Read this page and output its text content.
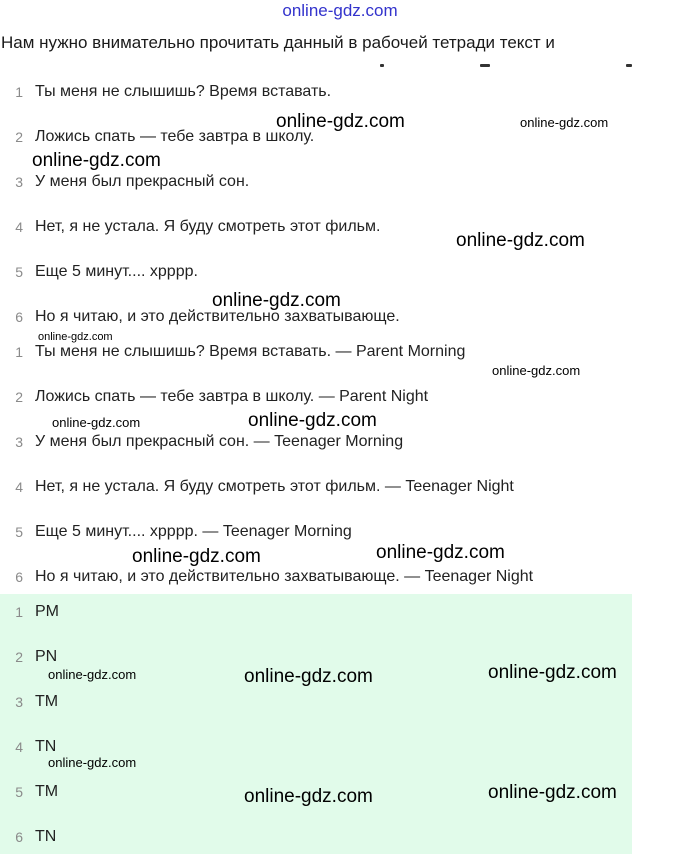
online-gdz.com
Нам нужно внимательно прочитать данный в рабочей тетради текст и
1 Ты меня не слышишь? Время вставать.
2 Ложись спать — тебе завтра в школу.
3 У меня был прекрасный сон.
4 Нет, я не устала. Я буду смотреть этот фильм.
5 Еще 5 минут.... хрррр.
6 Но я читаю, и это действительно захватывающе.
1 Ты меня не слышишь? Время вставать. — Parent Morning
2 Ложись спать — тебе завтра в школу. — Parent Night
3 У меня был прекрасный сон. — Teenager Morning
4 Нет, я не устала. Я буду смотреть этот фильм. — Teenager Night
5 Еще 5 минут.... хрррр. — Teenager Morning
6 Но я читаю, и это действительно захватывающе. — Teenager Night
1 PM
2 PN
3 TM
4 TN
5 TM
6 TN
online-gdz.com	online-gdz.com
online-gdz.com
online-gdz.com
online-gdz.com
online-gdz.com
online-gdz.com
online-gdz.com
online-gdz.com
online-gdz.com	online-gdz.com
online-gdz.com	online-gdz.com	online-gdz.com
online-gdz.com
online-gdz.com	online-gdz.com
